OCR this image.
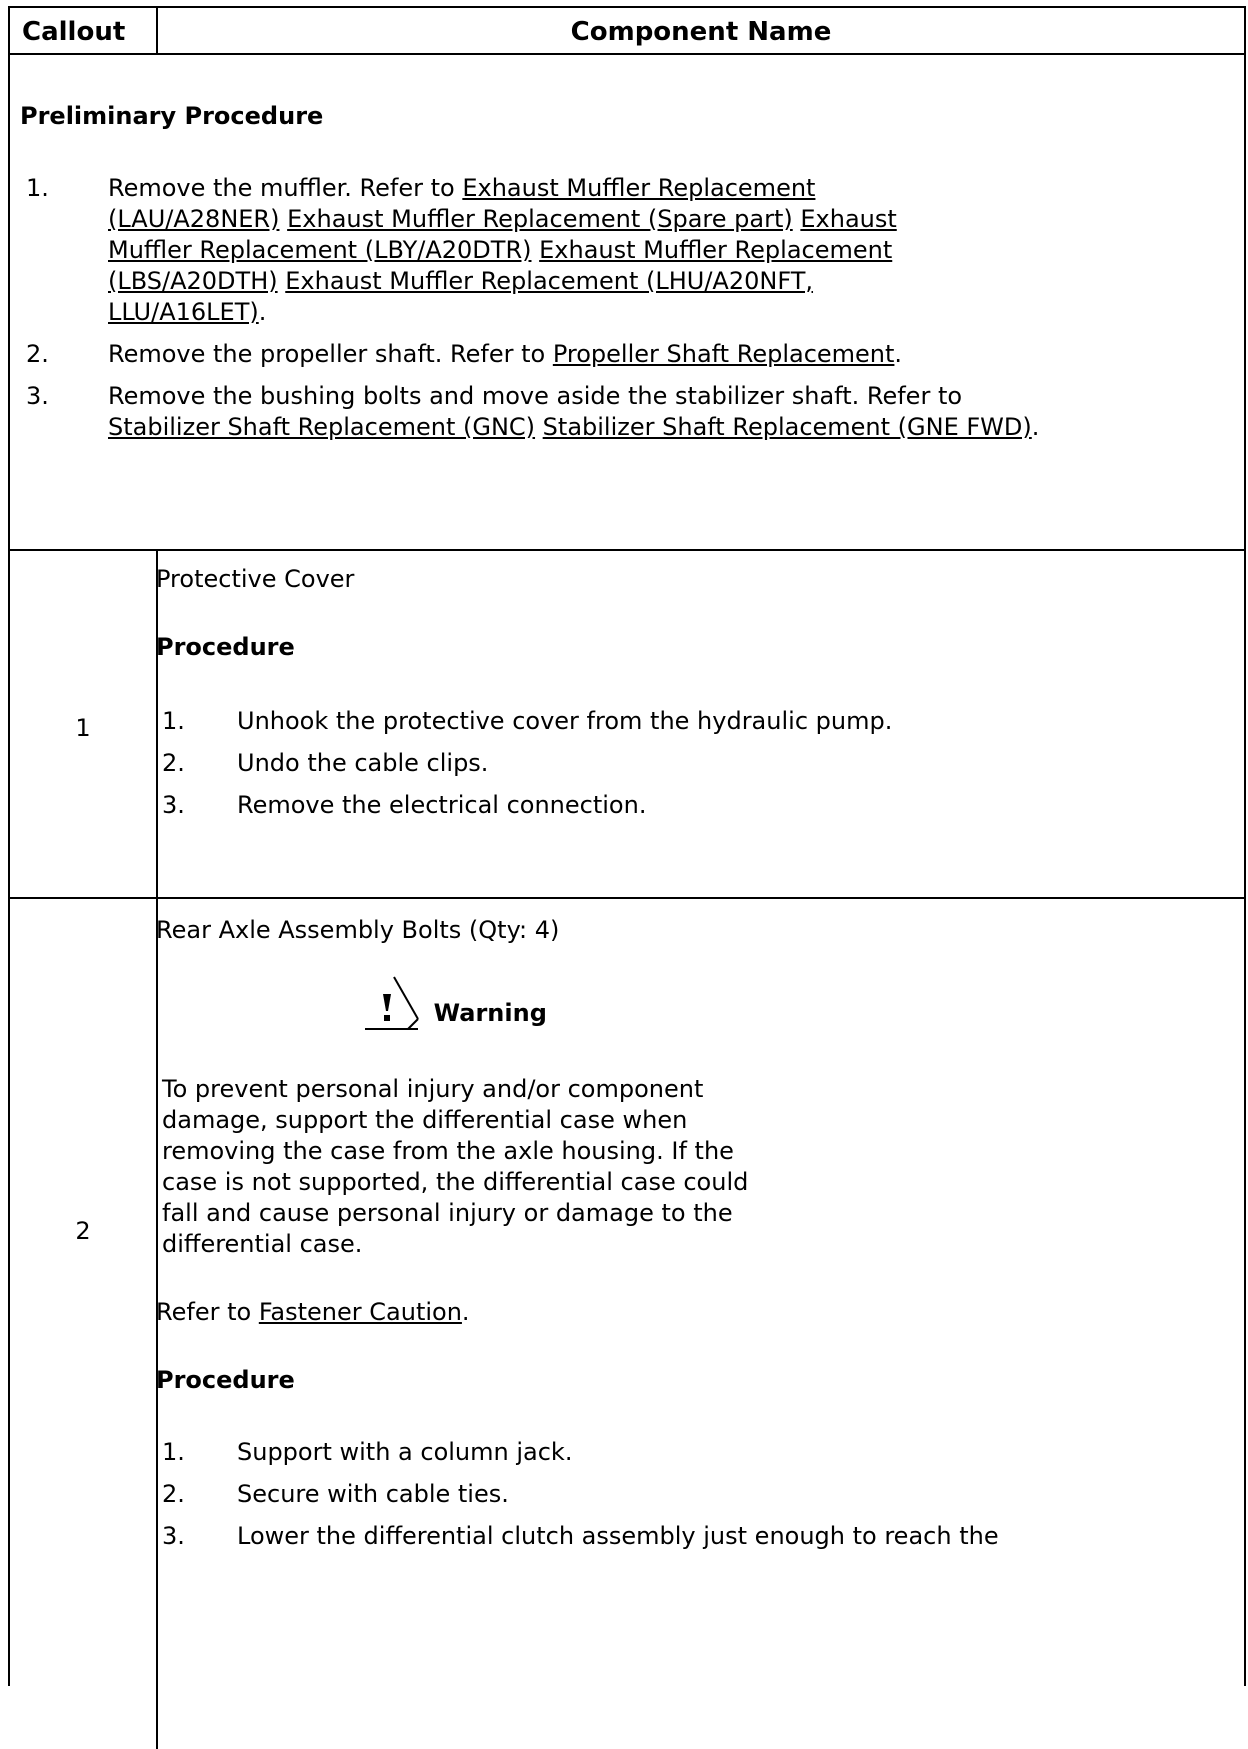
Callout	Component Name
Preliminary Procedure
1. Remove the muffler. Refer to Exhaust Muffler Replacement (LAU/A28NER) Exhaust Muffler Replacement (Spare part) Exhaust Muffler Replacement (LBY/A20DTR) Exhaust Muffler Replacement (LBS/A20DTH) Exhaust Muffler Replacement (LHU/A20NFT, LLU/A16LET).
2. Remove the propeller shaft. Refer to Propeller Shaft Replacement.
3. Remove the bushing bolts and move aside the stabilizer shaft. Refer to Stabilizer Shaft Replacement (GNC) Stabilizer Shaft Replacement (GNE FWD).
1
Protective Cover
Procedure
1. Unhook the protective cover from the hydraulic pump.
2. Undo the cable clips.
3. Remove the electrical connection.
2
Rear Axle Assembly Bolts (Qty: 4)
Warning
To prevent personal injury and/or component damage, support the differential case when removing the case from the axle housing. If the case is not supported, the differential case could fall and cause personal injury or damage to the differential case.
Refer to Fastener Caution.
Procedure
1. Support with a column jack.
2. Secure with cable ties.
3. Lower the differential clutch assembly just enough to reach the
